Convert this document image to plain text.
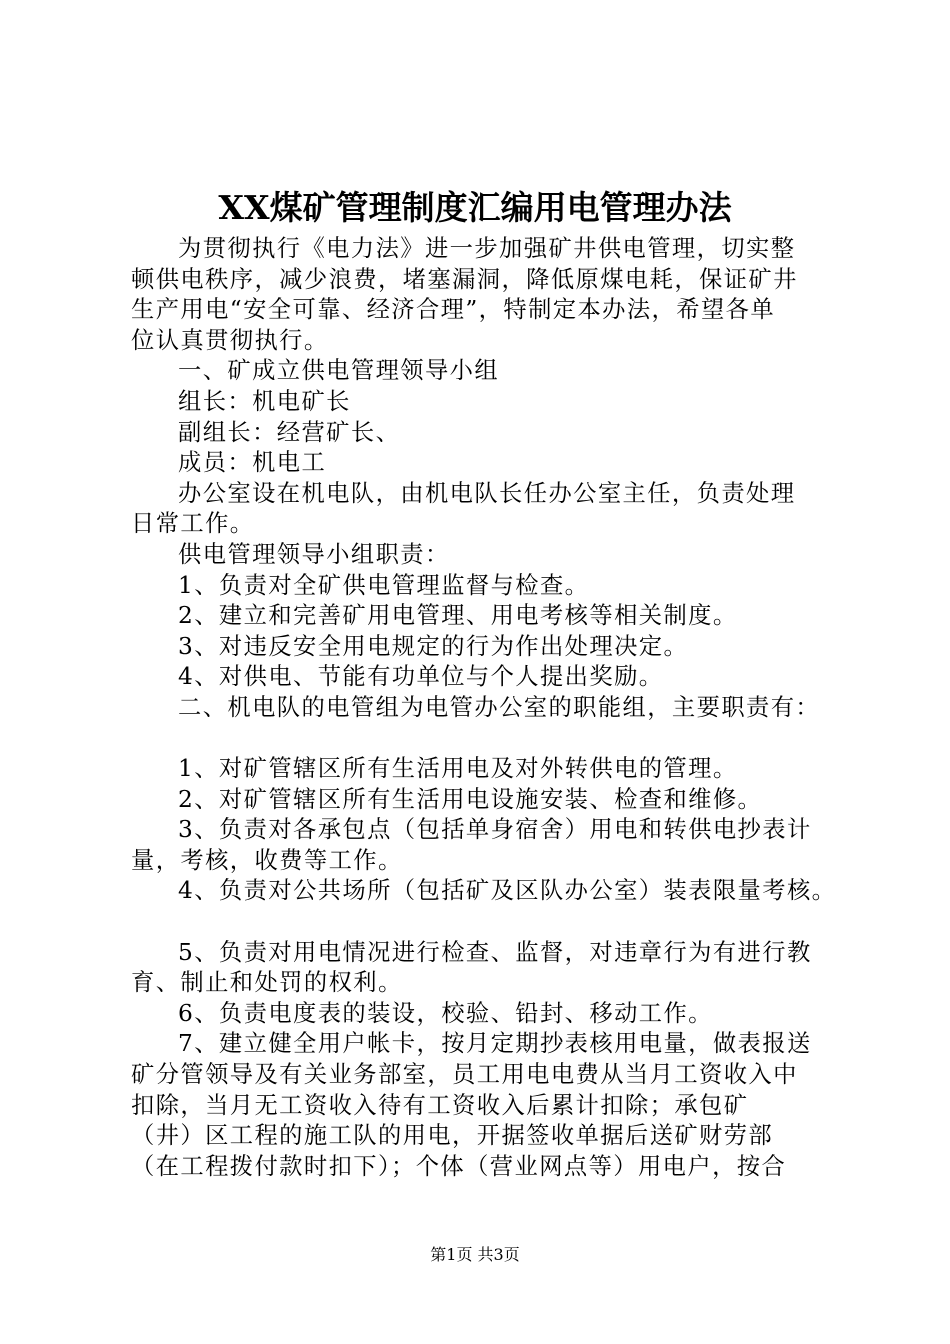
XX煤矿管理制度汇编用电管理办法
为贯彻执行《电力法》进一步加强矿井供电管理，切实整
顿供电秩序，减少浪费，堵塞漏洞，降低原煤电耗，保证矿井
生产用电“安全可靠、经济合理”，特制定本办法，希望各单
位认真贯彻执行。
一、矿成立供电管理领导小组
组长：机电矿长
副组长：经营矿长、
成员：机电工
办公室设在机电队，由机电队长任办公室主任，负责处理
日常工作。
供电管理领导小组职责：
1、负责对全矿供电管理监督与检查。
2、建立和完善矿用电管理、用电考核等相关制度。
3、对违反安全用电规定的行为作出处理决定。
4、对供电、节能有功单位与个人提出奖励。
二、机电队的电管组为电管办公室的职能组，主要职责有：
1、对矿管辖区所有生活用电及对外转供电的管理。
2、对矿管辖区所有生活用电设施安装、检查和维修。
3、负责对各承包点（包括单身宿舍）用电和转供电抄表计
量，考核，收费等工作。
4、负责对公共场所（包括矿及区队办公室）装表限量考核。
5、负责对用电情况进行检查、监督，对违章行为有进行教
育、制止和处罚的权利。
6、负责电度表的装设，校验、铅封、移动工作。
7、建立健全用户帐卡，按月定期抄表核用电量，做表报送
矿分管领导及有关业务部室，员工用电电费从当月工资收入中
扣除，当月无工资收入待有工资收入后累计扣除；承包矿
（井）区工程的施工队的用电，开据签收单据后送矿财劳部
（在工程拨付款时扣下）；个体（营业网点等）用电户，按合
第1页 共3页
